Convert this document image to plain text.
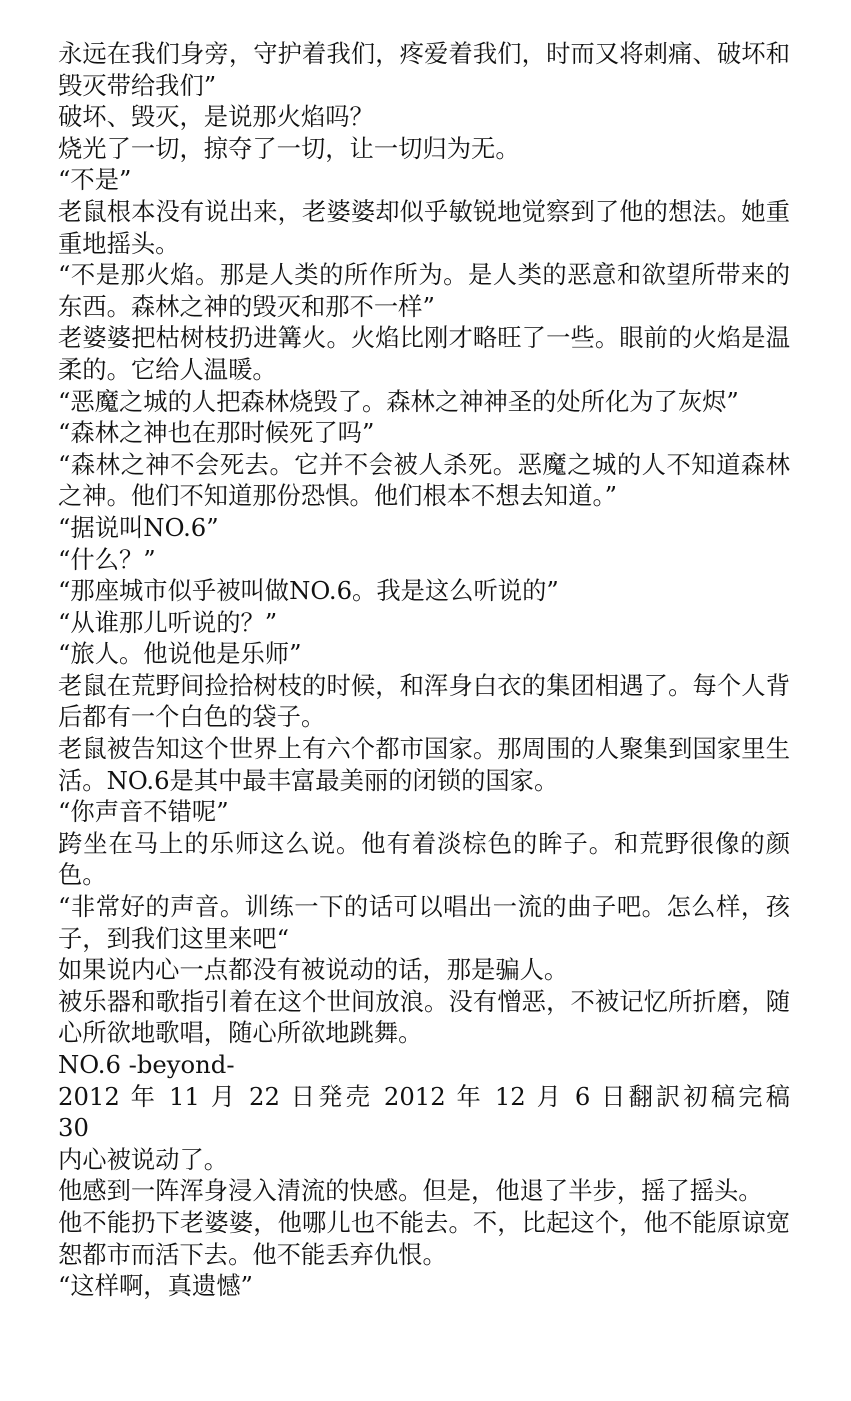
永远在我们身旁，守护着我们，疼爱着我们，时而又将刺痛、破坏和毁灭带给我们”

破坏、毁灭，是说那火焰吗？

烧光了一切，掠夺了一切，让一切归为无。

“不是”

老鼠根本没有说出来，老婆婆却似乎敏锐地觉察到了他的想法。她重重地摇头。

“不是那火焰。那是人类的所作所为。是人类的恶意和欲望所带来的东西。森林之神的毁灭和那不一样”

老婆婆把枯树枝扔进篝火。火焰比刚才略旺了一些。眼前的火焰是温柔的。它给人温暖。

“恶魔之城的人把森林烧毁了。森林之神神圣的处所化为了灰烬”

“森林之神也在那时候死了吗”

“森林之神不会死去。它并不会被人杀死。恶魔之城的人不知道森林之神。他们不知道那份恐惧。他们根本不想去知道。”

“据说叫NO.6”

“什么？”

“那座城市似乎被叫做NO.6。我是这么听说的”

“从谁那儿听说的？”

“旅人。他说他是乐师”

老鼠在荒野间捡拾树枝的时候，和浑身白衣的集团相遇了。每个人背后都有一个白色的袋子。

老鼠被告知这个世界上有六个都市国家。那周围的人聚集到国家里生活。NO.6是其中最丰富最美丽的闭锁的国家。

“你声音不错呢”

跨坐在马上的乐师这么说。他有着淡棕色的眸子。和荒野很像的颜色。

“非常好的声音。训练一下的话可以唱出一流的曲子吧。怎么样，孩子，到我们这里来吧“

如果说内心一点都没有被说动的话，那是骗人。

被乐器和歌指引着在这个世间放浪。没有憎恶，不被记忆所折磨，随心所欲地歌唱，随心所欲地跳舞。

NO.6 -beyond-

2012 年 11 月 22 日発売 2012 年 12 月 6 日翻訳初稿完稿

30

内心被说动了。

他感到一阵浑身浸入清流的快感。但是，他退了半步，摇了摇头。

他不能扔下老婆婆，他哪儿也不能去。不，比起这个，他不能原谅宽恕都市而活下去。他不能丢弃仇恨。

“这样啊，真遗憾”
